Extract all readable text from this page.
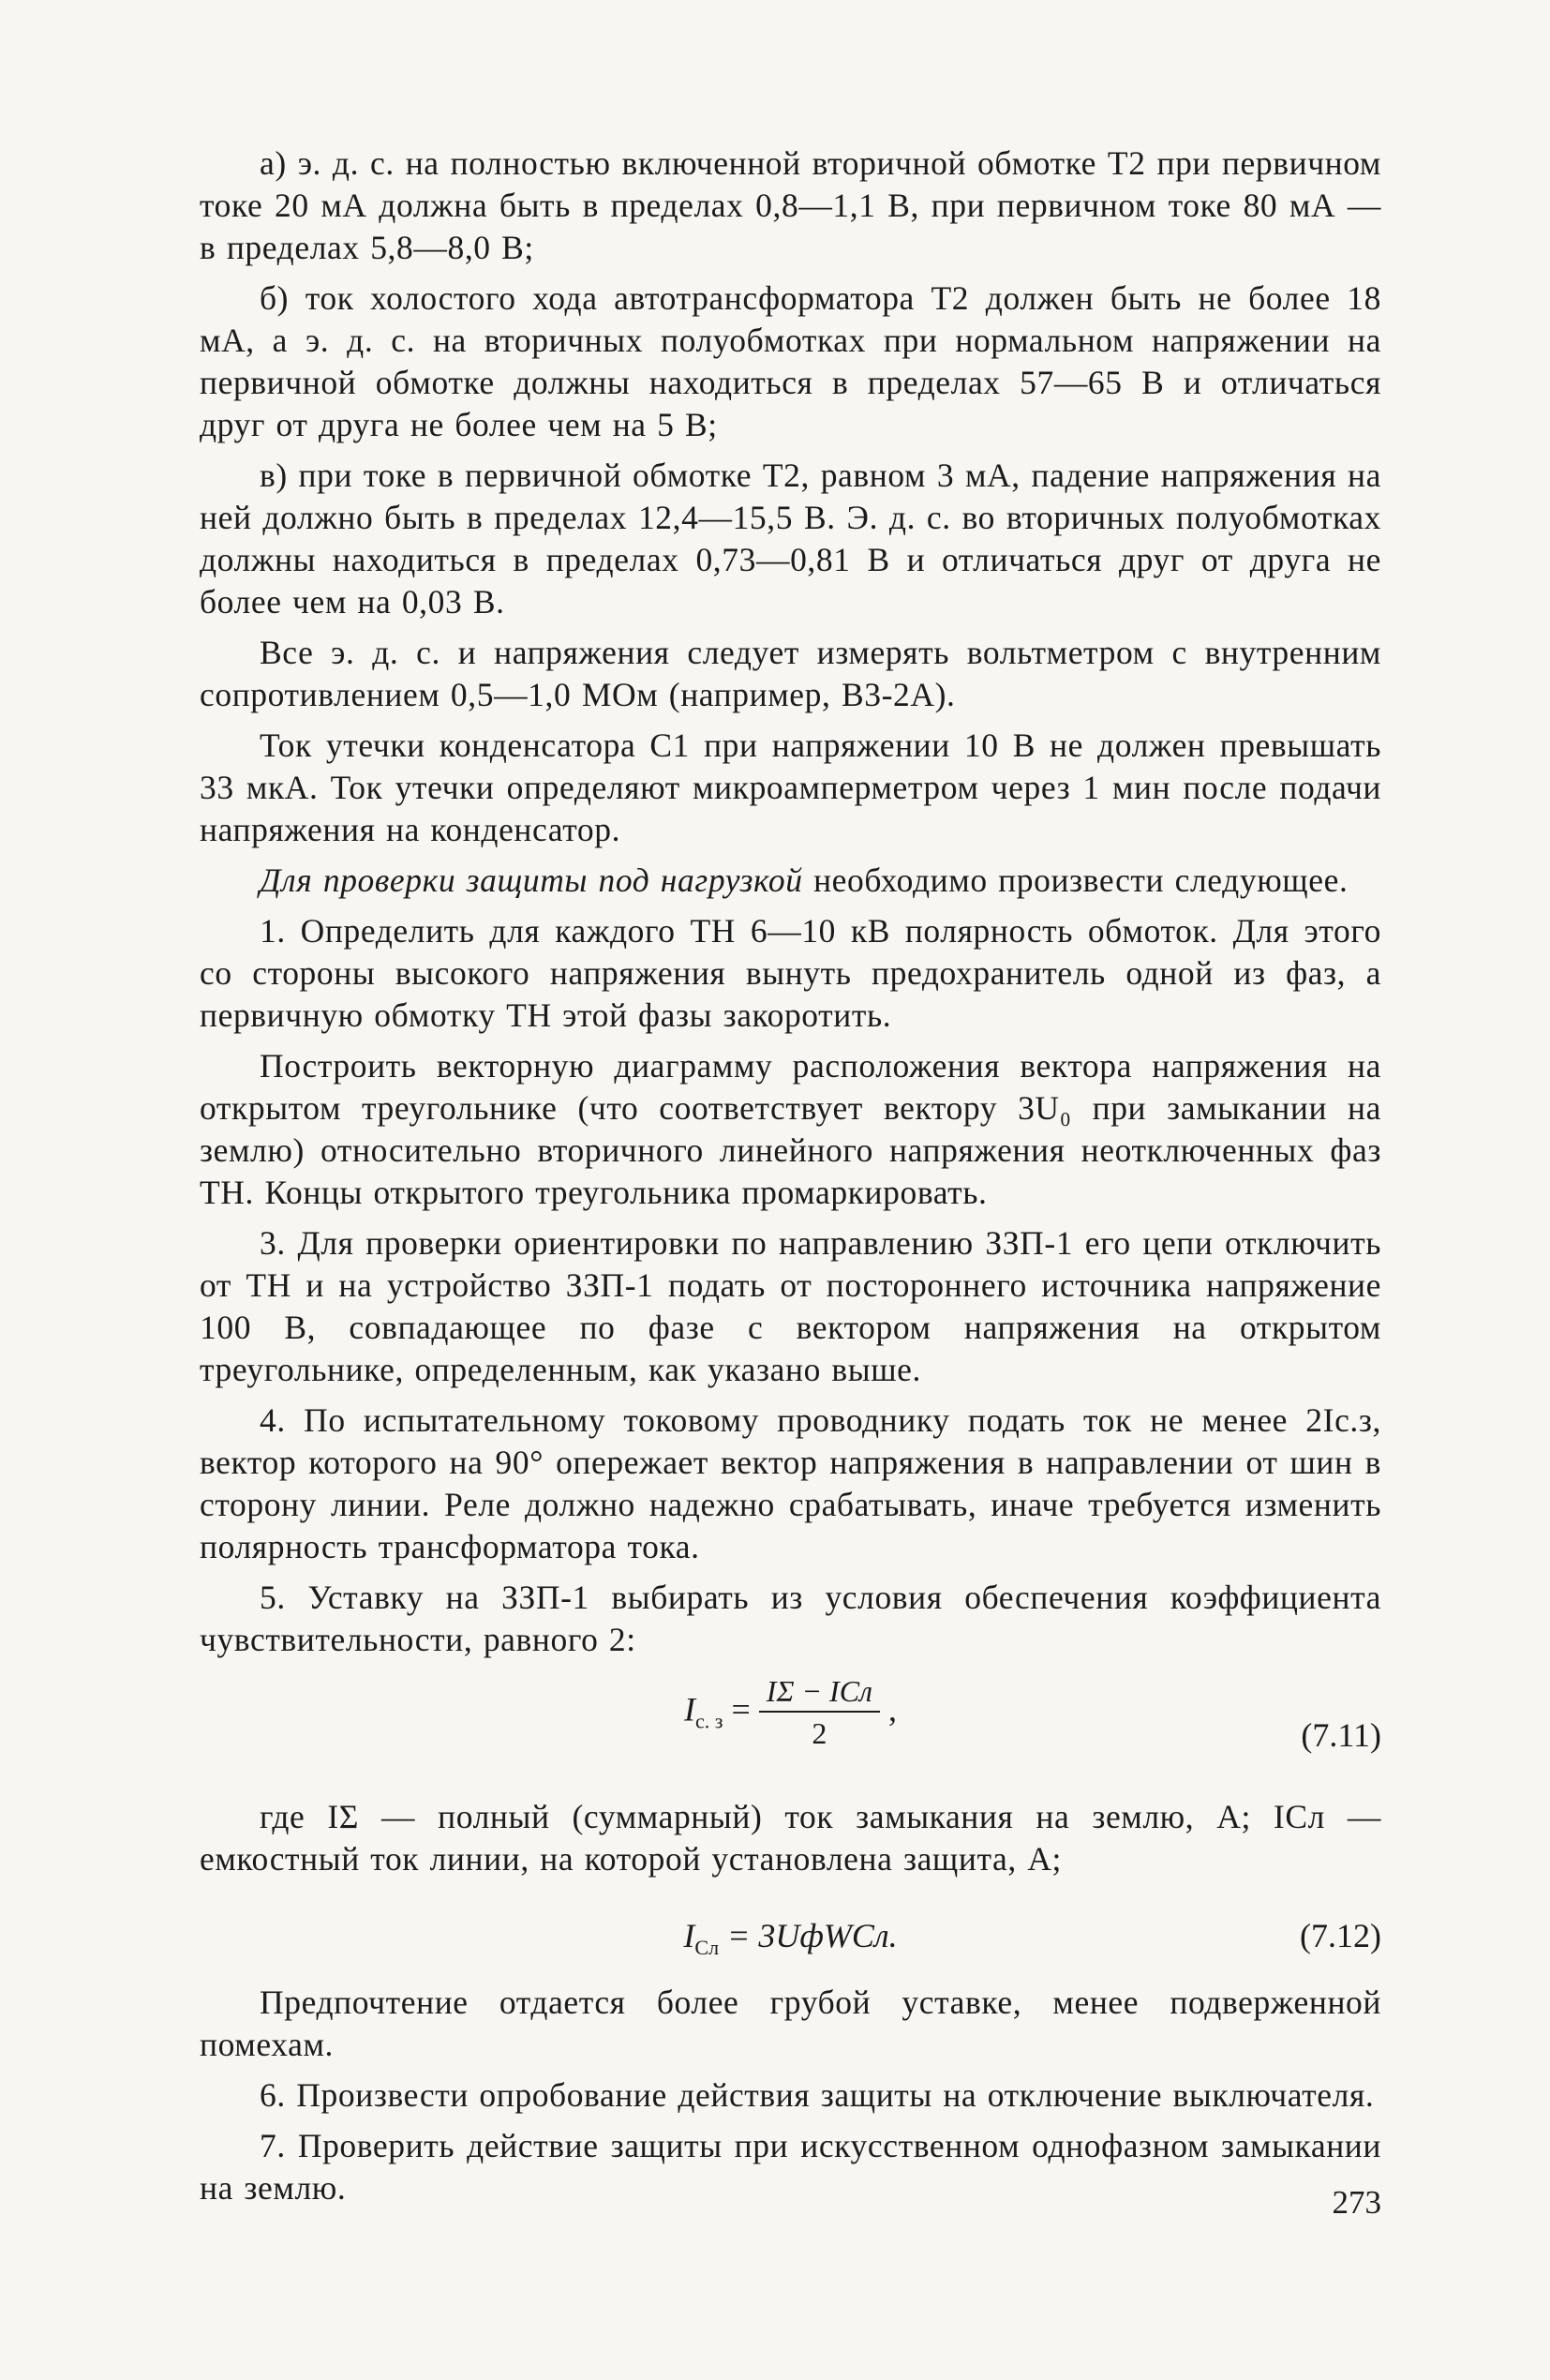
а) э. д. с. на полностью включенной вторичной обмотке Т2 при первичном токе 20 мА должна быть в пределах 0,8—1,1 В, при первичном токе 80 мА — в пределах 5,8—8,0 В;

б) ток холостого хода автотрансформатора Т2 должен быть не более 18 мА, а э. д. с. на вторичных полуобмотках при нормальном напряжении на первичной обмотке должны находиться в пределах 57—65 В и отличаться друг от друга не более чем на 5 В;

в) при токе в первичной обмотке Т2, равном 3 мА, падение напряжения на ней должно быть в пределах 12,4—15,5 В. Э. д. с. во вторичных полуобмотках должны находиться в пределах 0,73—0,81 В и отличаться друг от друга не более чем на 0,03 В.

Все э. д. с. и напряжения следует измерять вольтметром с внутренним сопротивлением 0,5—1,0 МОм (например, В3-2А).

Ток утечки конденсатора С1 при напряжении 10 В не должен превышать 33 мкА. Ток утечки определяют микроамперметром через 1 мин после подачи напряжения на конденсатор.

Для проверки защиты под нагрузкой необходимо произвести следующее.

1. Определить для каждого ТН 6—10 кВ полярность обмоток. Для этого со стороны высокого напряжения вынуть предохранитель одной из фаз, а первичную обмотку ТН этой фазы закоротить.

Построить векторную диаграмму расположения вектора напряжения на открытом треугольнике (что соответствует вектору 3U₀ при замыкании на землю) относительно вторичного линейного напряжения неотключенных фаз ТН. Концы открытого треугольника промаркировать.

3. Для проверки ориентировки по направлению ЗЗП-1 его цепи отключить от ТН и на устройство ЗЗП-1 подать от постороннего источника напряжение 100 В, совпадающее по фазе с вектором напряжения на открытом треугольнике, определенным, как указано выше.

4. По испытательному токовому проводнику подать ток не менее 2Iс.з, вектор которого на 90° опережает вектор напряжения в направлении от шин в сторону линии. Реле должно надежно срабатывать, иначе требуется изменить полярность трансформатора тока.

5. Уставку на ЗЗП-1 выбирать из условия обеспечения коэффициента чувствительности, равного 2:

$I_{с. з} = \frac{\text{IΣ − IСл}}{2}$ ,
(7.11)

где IΣ — полный (суммарный) ток замыкания на землю, А; IСл — емкостный ток линии, на которой установлена защита, А;

$I_{Сл}$ = 3UфWCл.	(7.12)

Предпочтение отдается более грубой уставке, менее подверженной помехам.

6. Произвести опробование действия защиты на отключение выключателя.

7. Проверить действие защиты при искусственном однофазном замыкании на землю.	273
